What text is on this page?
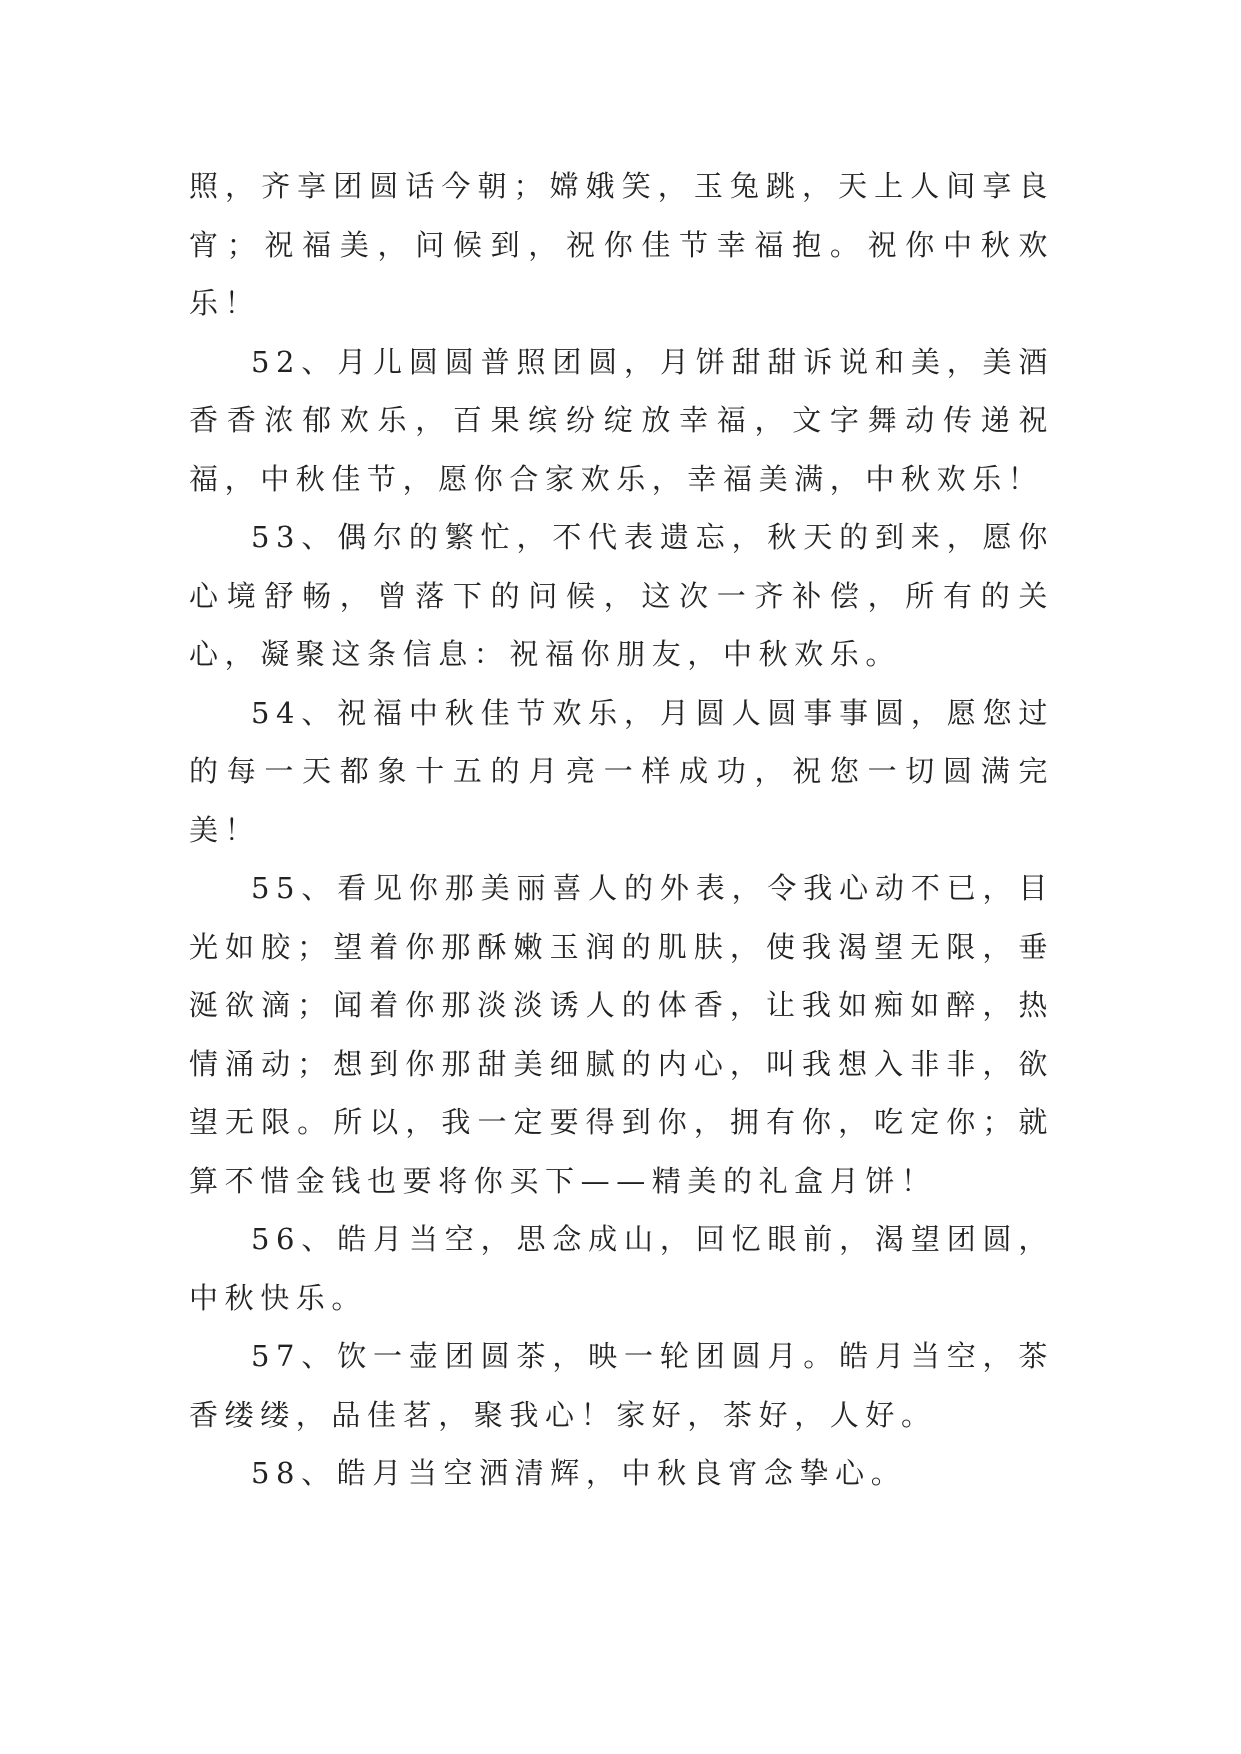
照，齐享团圆话今朝；嫦娥笑，玉兔跳，天上人间享良宵；祝福美，问候到，祝你佳节幸福抱。祝你中秋欢乐！

52、月儿圆圆普照团圆，月饼甜甜诉说和美，美酒香香浓郁欢乐，百果缤纷绽放幸福，文字舞动传递祝福，中秋佳节，愿你合家欢乐，幸福美满，中秋欢乐！

53、偶尔的繁忙，不代表遗忘，秋天的到来，愿你心境舒畅，曾落下的问候，这次一齐补偿，所有的关心，凝聚这条信息：祝福你朋友，中秋欢乐。

54、祝福中秋佳节欢乐，月圆人圆事事圆，愿您过的每一天都象十五的月亮一样成功，祝您一切圆满完美！

55、看见你那美丽喜人的外表，令我心动不已，目光如胶；望着你那酥嫩玉润的肌肤，使我渴望无限，垂涎欲滴；闻着你那淡淡诱人的体香，让我如痴如醉，热情涌动；想到你那甜美细腻的内心，叫我想入非非，欲望无限。所以，我一定要得到你，拥有你，吃定你；就算不惜金钱也要将你买下——精美的礼盒月饼！

56、皓月当空，思念成山，回忆眼前，渴望团圆，中秋快乐。

57、饮一壶团圆茶，映一轮团圆月。皓月当空，茶香缕缕，品佳茗，聚我心！家好，茶好，人好。

58、皓月当空洒清辉，中秋良宵念挚心。
